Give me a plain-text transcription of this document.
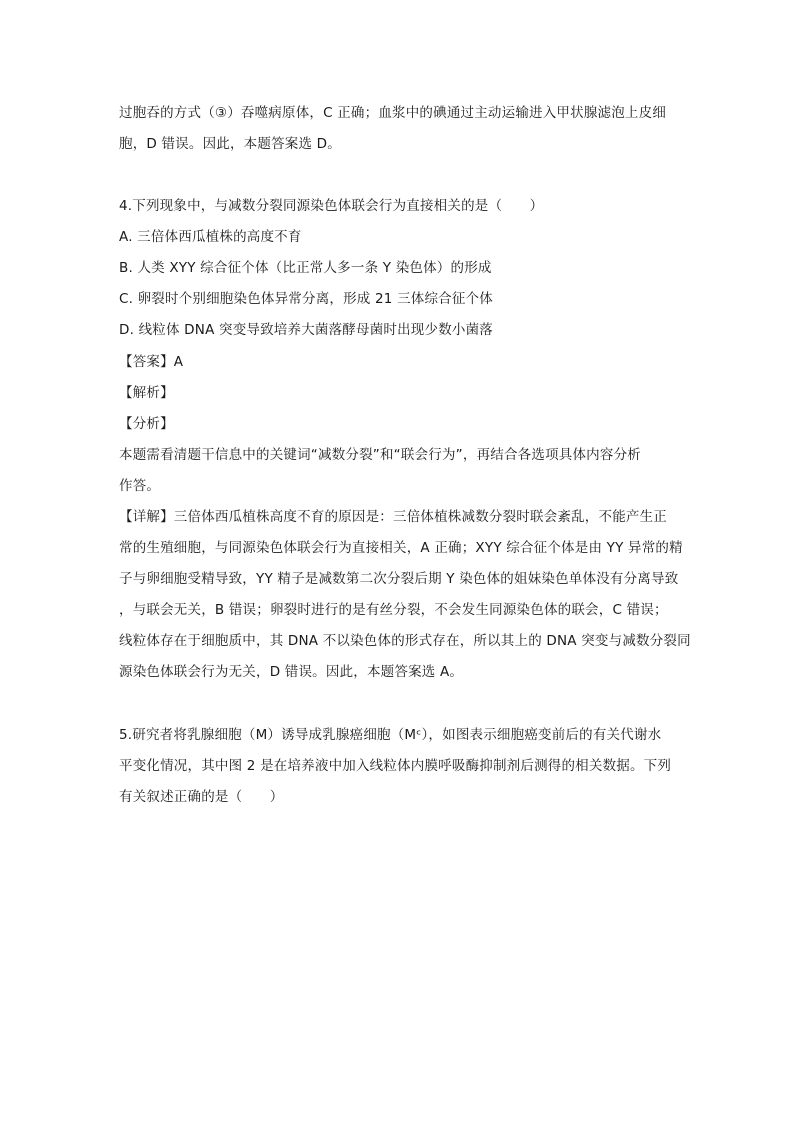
过胞吞的方式（③）吞噬病原体，C 正确；血浆中的碘通过主动运输进入甲状腺滤泡上皮细
胞，D 错误。因此，本题答案选 D。
4.下列现象中，与减数分裂同源染色体联会行为直接相关的是（　　）
A. 三倍体西瓜植株的高度不育
B. 人类 XYY 综合征个体（比正常人多一条 Y 染色体）的形成
C. 卵裂时个别细胞染色体异常分离，形成 21 三体综合征个体
D. 线粒体 DNA 突变导致培养大菌落酵母菌时出现少数小菌落
【答案】A
【解析】
【分析】
本题需看清题干信息中的关键词“减数分裂”和“联会行为”，再结合各选项具体内容分析
作答。
【详解】三倍体西瓜植株高度不育的原因是：三倍体植株减数分裂时联会紊乱，不能产生正
常的生殖细胞，与同源染色体联会行为直接相关，A 正确；XYY 综合征个体是由 YY 异常的精
子与卵细胞受精导致，YY 精子是减数第二次分裂后期 Y 染色体的姐妹染色单体没有分离导致
，与联会无关，B 错误；卵裂时进行的是有丝分裂，不会发生同源染色体的联会，C 错误；
线粒体存在于细胞质中，其 DNA 不以染色体的形式存在，所以其上的 DNA 突变与减数分裂同
源染色体联会行为无关，D 错误。因此，本题答案选 A。
5.研究者将乳腺细胞（M）诱导成乳腺癌细胞（Mᶜ），如图表示细胞癌变前后的有关代谢水
平变化情况，其中图 2 是在培养液中加入线粒体内膜呼吸酶抑制剂后测得的相关数据。下列
有关叙述正确的是（　　）
